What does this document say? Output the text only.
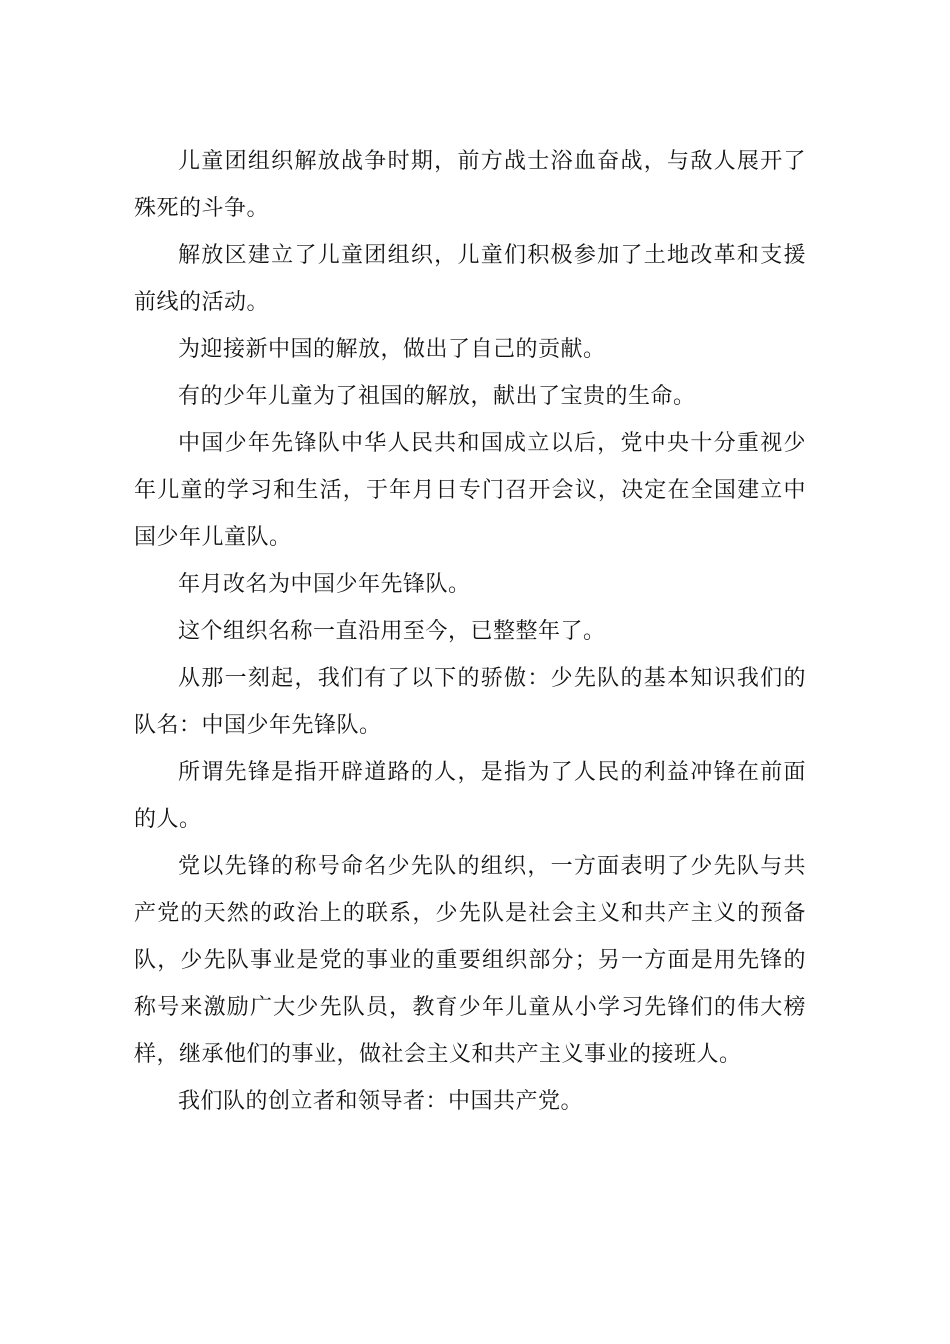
儿童团组织解放战争时期，前方战士浴血奋战，与敌人展开了殊死的斗争。

解放区建立了儿童团组织，儿童们积极参加了土地改革和支援前线的活动。

为迎接新中国的解放，做出了自己的贡献。

有的少年儿童为了祖国的解放，献出了宝贵的生命。

中国少年先锋队中华人民共和国成立以后，党中央十分重视少年儿童的学习和生活，于年月日专门召开会议，决定在全国建立中国少年儿童队。

年月改名为中国少年先锋队。

这个组织名称一直沿用至今，已整整年了。

从那一刻起，我们有了以下的骄傲：少先队的基本知识我们的队名：中国少年先锋队。

所谓先锋是指开辟道路的人，是指为了人民的利益冲锋在前面的人。

党以先锋的称号命名少先队的组织，一方面表明了少先队与共产党的天然的政治上的联系，少先队是社会主义和共产主义的预备队，少先队事业是党的事业的重要组织部分；另一方面是用先锋的称号来激励广大少先队员，教育少年儿童从小学习先锋们的伟大榜样，继承他们的事业，做社会主义和共产主义事业的接班人。

我们队的创立者和领导者：中国共产党。
